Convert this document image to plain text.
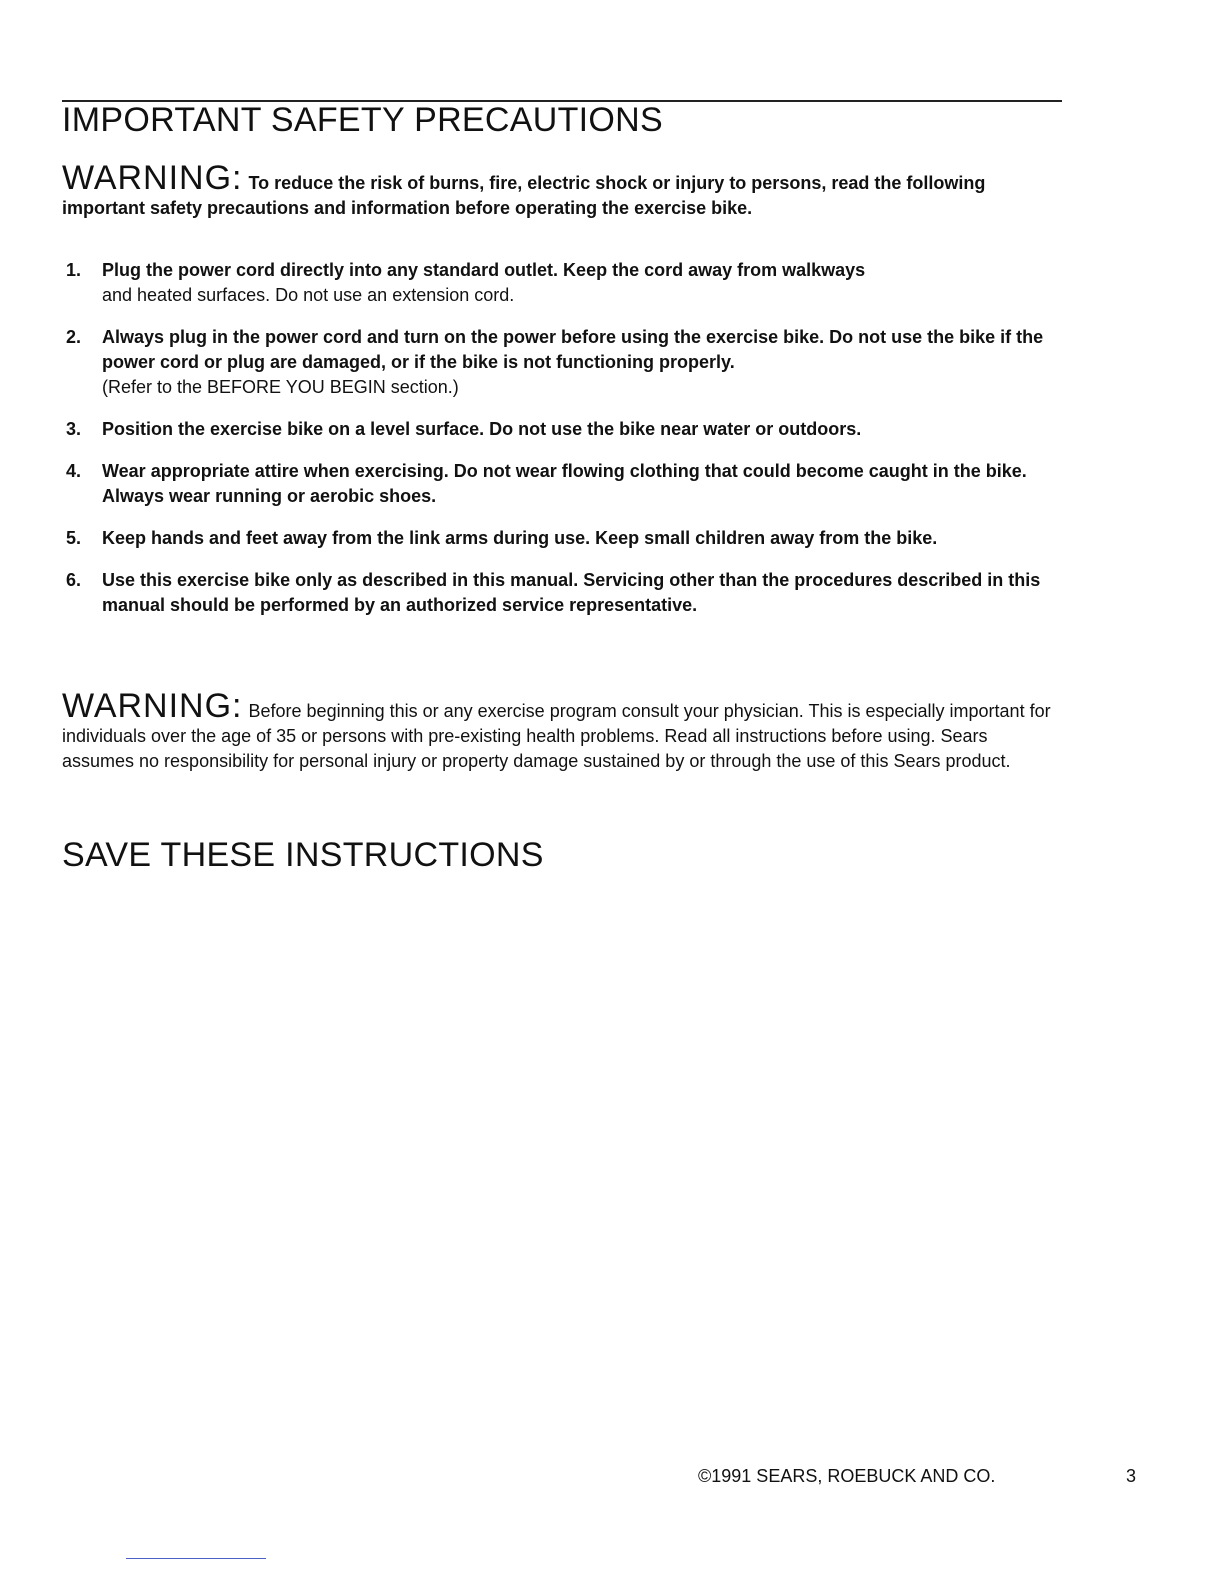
IMPORTANT SAFETY PRECAUTIONS

WARNING: To reduce the risk of burns, fire, electric shock or injury to persons, read the following important safety precautions and information before operating the exercise bike.

1. Plug the power cord directly into any standard outlet. Keep the cord away from walkways
and heated surfaces. Do not use an extension cord.
2. Always plug in the power cord and turn on the power before using the exercise bike. Do not use the bike if the power cord or plug are damaged, or if the bike is not functioning properly.
(Refer to the BEFORE YOU BEGIN section.)
3. Position the exercise bike on a level surface. Do not use the bike near water or outdoors.
4. Wear appropriate attire when exercising. Do not wear flowing clothing that could become caught in the bike. Always wear running or aerobic shoes.
5. Keep hands and feet away from the link arms during use. Keep small children away from the bike.
6. Use this exercise bike only as described in this manual. Servicing other than the procedures described in this manual should be performed by an authorized service representative.

WARNING: Before beginning this or any exercise program consult your physician. This is especially important for individuals over the age of 35 or persons with pre-existing health problems. Read all instructions before using. Sears assumes no responsibility for personal injury or property damage sustained by or through the use of this Sears product.

SAVE THESE INSTRUCTIONS
©1991 SEARS, ROEBUCK AND CO.	3
